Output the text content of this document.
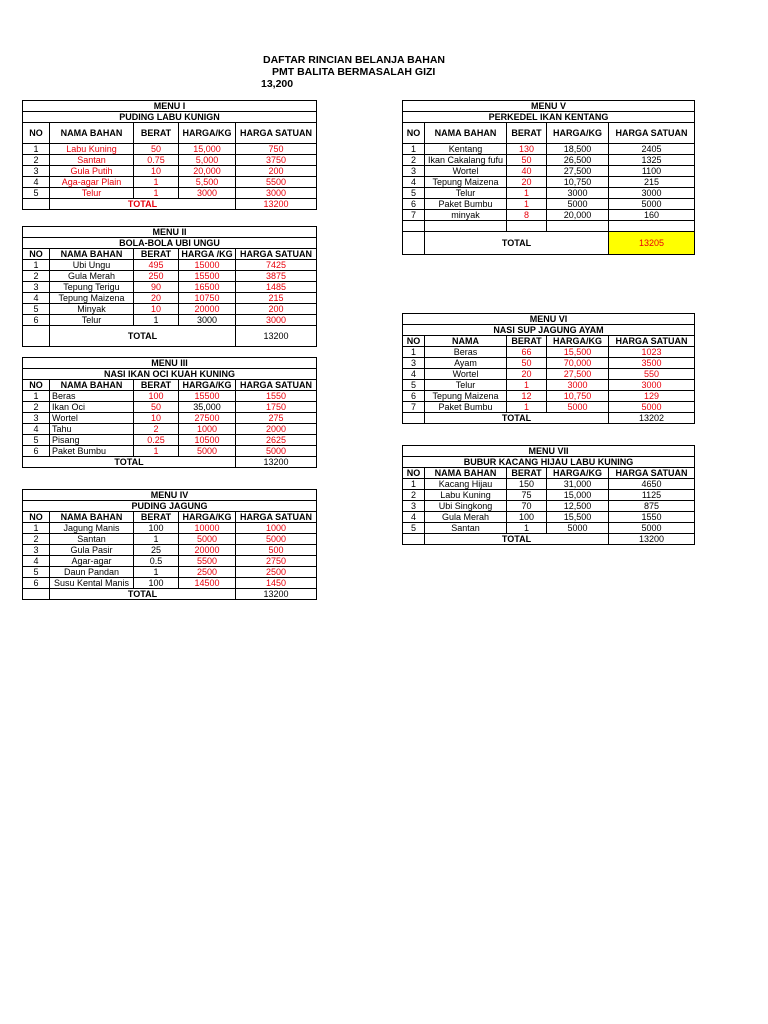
DAFTAR RINCIAN BELANJA BAHAN
PMT BALITA BERMASALAH GIZI
13,200
MENU I				
PUDING LABU KUNIGN				
NO	NAMA BAHAN	BERAT	HARGA/KG	HARGA SATUAN
1	Labu Kuning	50	15,000	750
2	Santan	0.75	5,000	3750
3	Gula Putih	10	20,000	200
4	Aga-agar Plain	1	5,500	5500
5	Telur	1	3000	3000
	TOTAL			13200
MENU II				
BOLA-BOLA UBI UNGU				
NO	NAMA BAHAN	BERAT	HARGA /KG	HARGA SATUAN
1	Ubi Ungu	495	15000	7425
2	Gula Merah	250	15500	3875
3	Tepung Terigu	90	16500	1485
4	Tepung Maizena	20	10750	215
5	Minyak	10	20000	200
6	Telur	1	3000	3000
	TOTAL			13200
MENU III				
NASI IKAN OCI KUAH KUNING				
NO	NAMA BAHAN	BERAT	HARGA/KG	HARGA SATUAN
1	Beras	100	15500	1550
2	Ikan Oci	50	35,000	1750
3	Wortel	10	27500	275
4	Tahu	2	1000	2000
5	Pisang	0.25	10500	2625
6	Paket Bumbu	1	5000	5000
TOTAL				13200
MENU IV				
PUDING JAGUNG				
NO	NAMA BAHAN	BERAT	HARGA/KG	HARGA SATUAN
1	Jagung Manis	100	10000	1000
2	Santan	1	5000	5000
3	Gula Pasir	25	20000	500
4	Agar-agar	0.5	5500	2750
5	Daun Pandan	1	2500	2500
6	Susu Kental Manis	100	14500	1450
	TOTAL			13200
MENU V				
PERKEDEL IKAN KENTANG				
NO	NAMA BAHAN	BERAT	HARGA/KG	HARGA SATUAN
1	Kentang	130	18,500	2405
2	Ikan Cakalang fufu	50	26,500	1325
3	Wortel	40	27,500	1100
4	Tepung Maizena	20	10,750	215
5	Telur	1	3000	3000
6	Paket Bumbu	1	5000	5000
7	minyak	8	20,000	160

	TOTAL			13205
MENU VI				
NASI SUP JAGUNG AYAM				
NO	NAMA	BERAT	HARGA/KG	HARGA SATUAN
1	Beras	66	15,500	1023
3	Ayam	50	70,000	3500
4	Wortel	20	27,500	550
5	Telur	1	3000	3000
6	Tepung Maizena	12	10,750	129
7	Paket Bumbu	1	5000	5000
	TOTAL			13202
MENU VII				
BUBUR KACANG HIJAU LABU KUNING				
NO	NAMA BAHAN	BERAT	HARGA/KG	HARGA SATUAN
1	Kacang Hijau	150	31,000	4650
2	Labu Kuning	75	15,000	1125
3	Ubi Singkong	70	12,500	875
4	Gula Merah	100	15,500	1550
5	Santan	1	5000	5000
	TOTAL			13200
